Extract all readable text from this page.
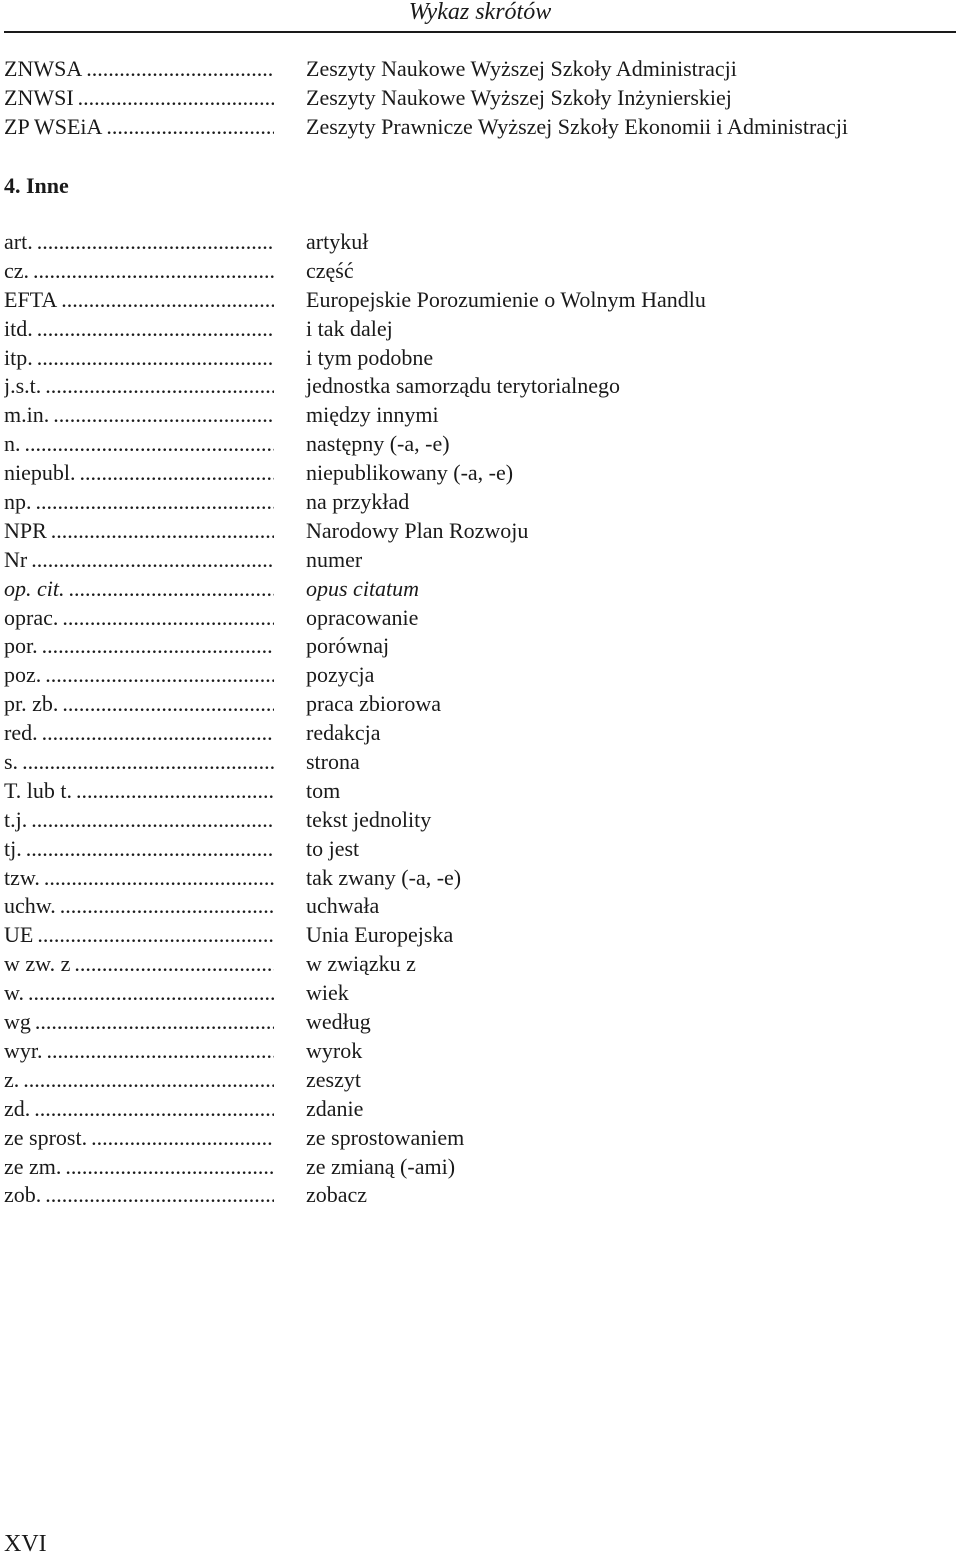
Wykaz skrótów
ZNWSA .....	Zeszyty Naukowe Wyższej Szkoły Administracji
ZNWSI .....	Zeszyty Naukowe Wyższej Szkoły Inżynierskiej
ZP WSEiA .....	Zeszyty Prawnicze Wyższej Szkoły Ekonomii i Administracji
4. Inne
art. .....	artykuł
cz. .....	część
EFTA .....	Europejskie Porozumienie o Wolnym Handlu
itd. .....	i tak dalej
itp. .....	i tym podobne
j.s.t. .....	jednostka samorządu terytorialnego
m.in. .....	między innymi
n. .....	następny (-a, -e)
niepubl. .....	niepublikowany (-a, -e)
np. .....	na przykład
NPR .....	Narodowy Plan Rozwoju
Nr .....	numer
op. cit. .....	opus citatum
oprac. .....	opracowanie
por. .....	porównaj
poz. .....	pozycja
pr. zb. .....	praca zbiorowa
red. .....	redakcja
s. .....	strona
T. lub t. .....	tom
t.j. .....	tekst jednolity
tj. .....	to jest
tzw. .....	tak zwany (-a, -e)
uchw. .....	uchwała
UE .....	Unia Europejska
w zw. z .....	w związku z
w. .....	wiek
wg .....	według
wyr. .....	wyrok
z. .....	zeszyt
zd. .....	zdanie
ze sprost. .....	ze sprostowaniem
ze zm. .....	ze zmianą (-ami)
zob. .....	zobacz
XVI
